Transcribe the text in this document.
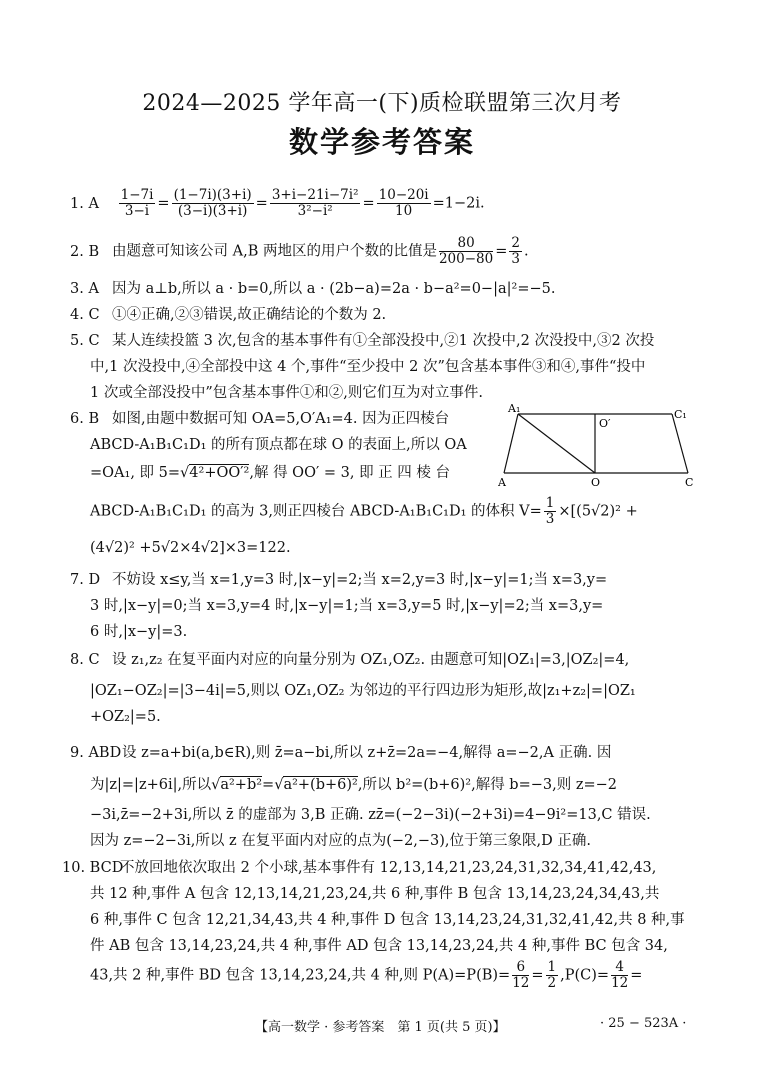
2024—2025 学年高一(下)质检联盟第三次月考
数学参考答案
1. A $\frac{1-7i}{3-i} = \frac{(1-7i)(3+i)}{(3-i)(3+i)} = \frac{\text{3+i−21i−7i²}}{\text{3²−i²}} = \frac{10-20i}{10} =1-2i$.
2. B 由题意可知该公司 A,B 两地区的用户个数的比值是 $\frac{80}{200-80} = \frac{2}{3}$ .
3. A 因为 a⊥b,所以 a · b=0,所以 a · (2b−a)=2a · b−a²=0−|a|²=−5.
4. C ①④正确,②③错误,故正确结论的个数为 2.
5. C 某人连续投篮 3 次,包含的基本事件有①全部没投中,②1 次投中,2 次没投中,③2 次投
中,1 次没投中,④全部投中这 4 个,事件“至少投中 2 次”包含基本事件③和④,事件“投中
1 次或全部没投中”包含基本事件①和②,则它们互为对立事件.
6. B 如图,由题中数据可知 OA=5,O′A₁=4. 因为正四棱台
ABCD-A₁B₁C₁D₁ 的所有顶点都在球 O 的表面上,所以 OA
=OA₁, 即 5=√4²+OO′²,解 得 OO′ = 3, 即 正 四 棱 台
ABCD-A₁B₁C₁D₁ 的高为 3,则正四棱台 ABCD-A₁B₁C₁D₁ 的体积 $V= \frac{1}{3} \times[(5√2)^2$ +
(4√2)² +5√2×4√2]×3=122.
A₁	C₁
O′
A	O	C
7. D 不妨设 x≤y,当 x=1,y=3 时,|x−y|=2;当 x=2,y=3 时,|x−y|=1;当 x=3,y=
3 时,|x−y|=0;当 x=3,y=4 时,|x−y|=1;当 x=3,y=5 时,|x−y|=2;当 x=3,y=
6 时,|x−y|=3.
8. C 设 z₁,z₂ 在复平面内对应的向量分别为 OZ₁,OZ₂. 由题意可知|OZ₁|=3,|OZ₂|=4,
|OZ₁−OZ₂|=|3−4i|=5,则以 OZ₁,OZ₂ 为邻边的平行四边形为矩形,故|z₁+z₂|=|OZ₁
+OZ₂|=5.
9. ABD设 z=a+bi(a,b∈R),则 z̄=a−bi,所以 z+z̄=2a=−4,解得 a=−2,A 正确. 因
为|z|=|z+6i|,所以√a²+b²=√a²+(b+6)²,所以 b²=(b+6)²,解得 b=−3,则 z=−2
−3i,z̄=−2+3i,所以 z̄ 的虚部为 3,B 正确. zz̄=(−2−3i)(−2+3i)=4−9i²=13,C 错误.
因为 z=−2−3i,所以 z 在复平面内对应的点为(−2,−3),位于第三象限,D 正确.
10. BCD不放回地依次取出 2 个小球,基本事件有 12,13,14,21,23,24,31,32,34,41,42,43,
共 12 种,事件 A 包含 12,13,14,21,23,24,共 6 种,事件 B 包含 13,14,23,24,34,43,共
6 种,事件 C 包含 12,21,34,43,共 4 种,事件 D 包含 13,14,23,24,31,32,41,42,共 8 种,事
件 AB 包含 13,14,23,24,共 4 种,事件 AD 包含 13,14,23,24,共 4 种,事件 BC 包含 34,
43,共 2 种,事件 BD 包含 13,14,23,24,共 4 种,则 $P(A)=P(B)= \frac{6}{12} = \frac{1}{2} ,P(C)= \frac{4}{12}$ =
【高一数学 · 参考答案　第 1 页(共 5 页)】	· 25 − 523A ·
